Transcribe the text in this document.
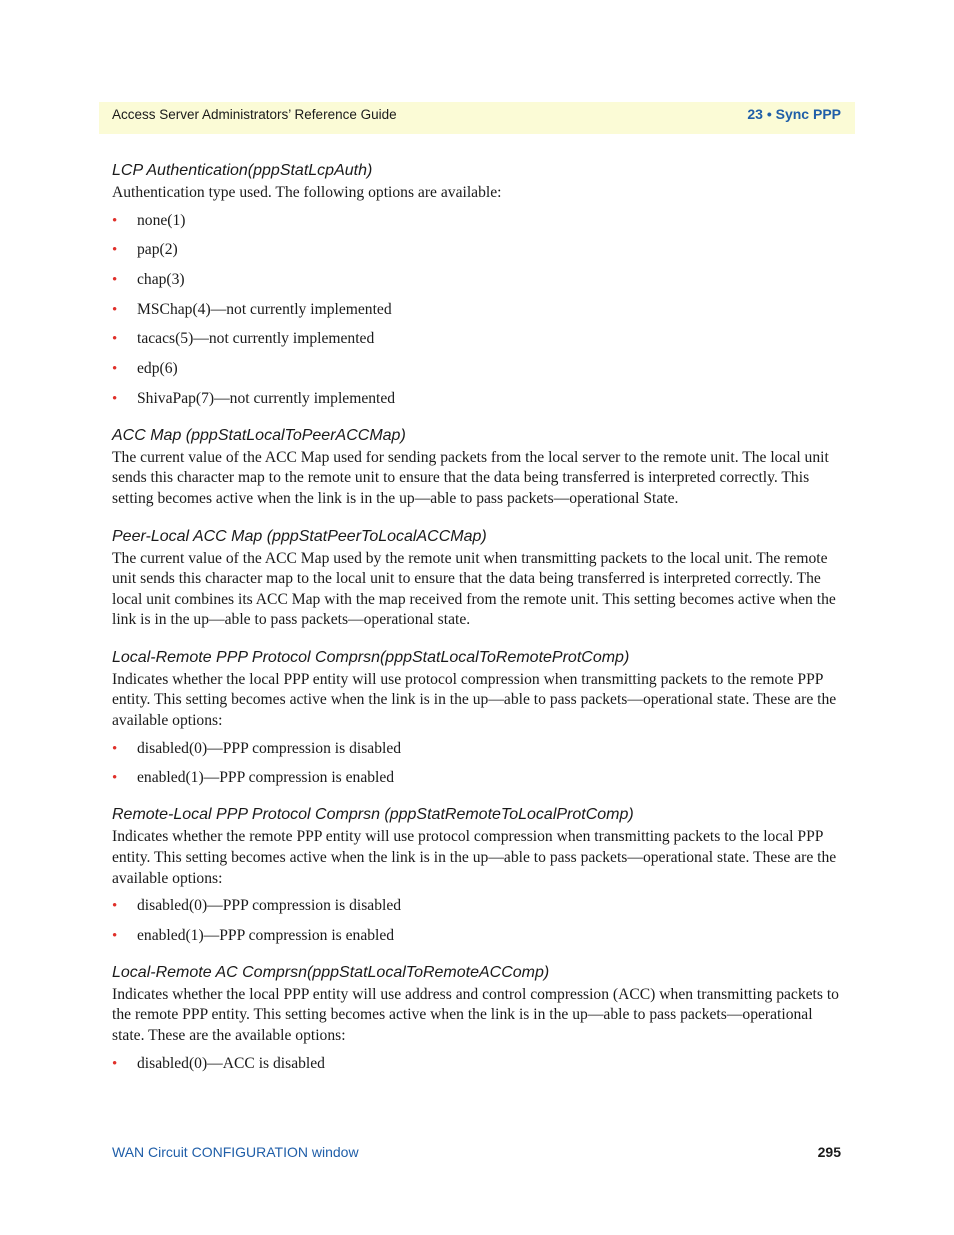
Access Server Administrators’ Reference Guide	23 • Sync PPP
LCP Authentication(pppStatLcpAuth)

Authentication type used. The following options are available:

• none(1)
• pap(2)
• chap(3)
• MSChap(4)—not currently implemented
• tacacs(5)—not currently implemented
• edp(6)
• ShivaPap(7)—not currently implemented
ACC Map (pppStatLocalToPeerACCMap)

The current value of the ACC Map used for sending packets from the local server to the remote unit. The local unit sends this character map to the remote unit to ensure that the data being transferred is interpreted correctly. This setting becomes active when the link is in the up—able to pass packets—operational State.

Peer-Local ACC Map (pppStatPeerToLocalACCMap)

The current value of the ACC Map used by the remote unit when transmitting packets to the local unit. The remote unit sends this character map to the local unit to ensure that the data being transferred is interpreted correctly. The local unit combines its ACC Map with the map received from the remote unit. This setting becomes active when the link is in the up—able to pass packets—operational state.

Local-Remote PPP Protocol Comprsn(pppStatLocalToRemoteProtComp)

Indicates whether the local PPP entity will use protocol compression when transmitting packets to the remote PPP entity. This setting becomes active when the link is in the up—able to pass packets—operational state. These are the available options:

• disabled(0)—PPP compression is disabled
• enabled(1)—PPP compression is enabled
Remote-Local PPP Protocol Comprsn (pppStatRemoteToLocalProtComp)

Indicates whether the remote PPP entity will use protocol compression when transmitting packets to the local PPP entity. This setting becomes active when the link is in the up—able to pass packets—operational state. These are the available options:

• disabled(0)—PPP compression is disabled
• enabled(1)—PPP compression is enabled
Local-Remote AC Comprsn(pppStatLocalToRemoteACComp)

Indicates whether the local PPP entity will use address and control compression (ACC) when transmitting packets to the remote PPP entity. This setting becomes active when the link is in the up—able to pass packets—operational state. These are the available options:

• disabled(0)—ACC is disabled
WAN Circuit CONFIGURATION window	295
